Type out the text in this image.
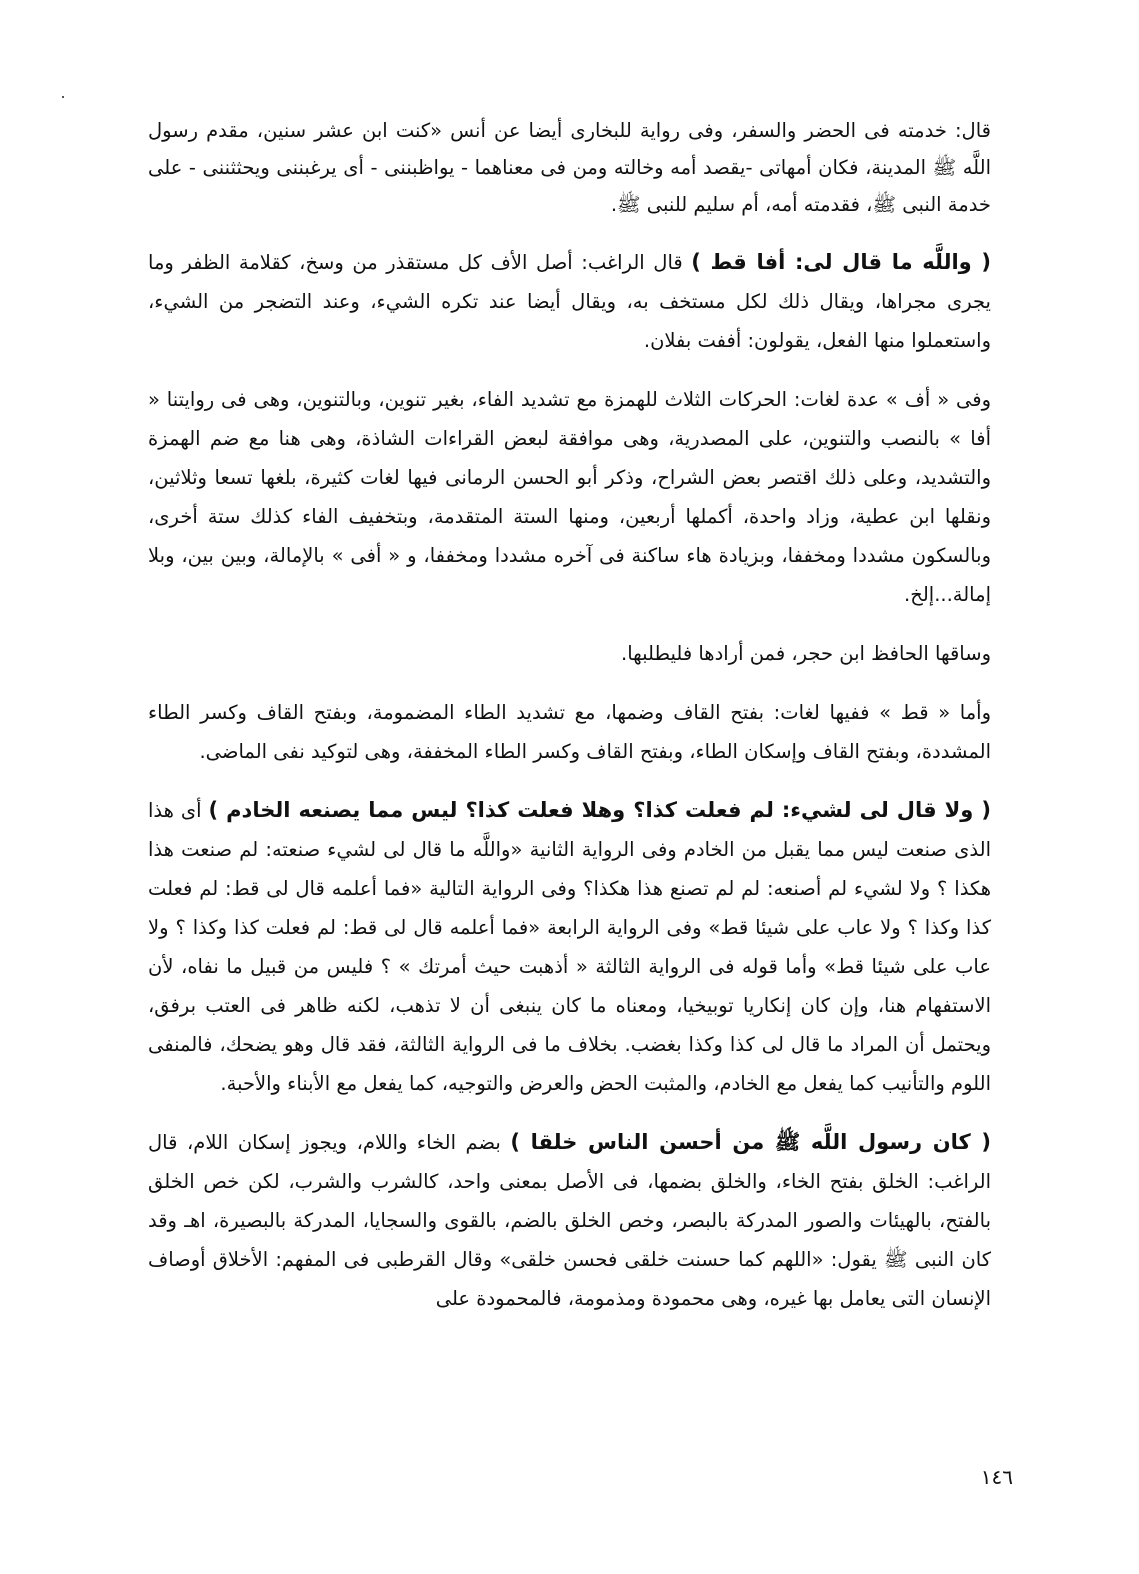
قال: خدمته فى الحضر والسفر، وفى رواية للبخارى أيضا عن أنس «كنت ابن عشر سنين، مقدم رسول اللَّه ﷺ المدينة، فكان أمهاتى -يقصد أمه وخالته ومن فى معناهما - يواظبننى - أى يرغبننى ويحثثننى - على خدمة النبى ﷺ، فقدمته أمه، أم سليم للنبى ﷺ.

( واللَّه ما قال لى: أفا قط ) قال الراغب: أصل الأف كل مستقذر من وسخ، كقلامة الظفر وما يجرى مجراها، ويقال ذلك لكل مستخف به، ويقال أيضا عند تكره الشيء، وعند التضجر من الشيء، واستعملوا منها الفعل، يقولون: أففت بفلان.

وفى « أف » عدة لغات: الحركات الثلاث للهمزة مع تشديد الفاء، بغير تنوين، وبالتنوين، وهى فى روايتنا « أفا » بالنصب والتنوين، على المصدرية، وهى موافقة لبعض القراءات الشاذة، وهى هنا مع ضم الهمزة والتشديد، وعلى ذلك اقتصر بعض الشراح، وذكر أبو الحسن الرمانى فيها لغات كثيرة، بلغها تسعا وثلاثين، ونقلها ابن عطية، وزاد واحدة، أكملها أربعين، ومنها الستة المتقدمة، وبتخفيف الفاء كذلك ستة أخرى، وبالسكون مشددا ومخففا، وبزيادة هاء ساكنة فى آخره مشددا ومخففا، و « أفى » بالإمالة، وبين بين، وبلا إمالة...إلخ.

وساقها الحافظ ابن حجر، فمن أرادها فليطلبها.

وأما « قط » ففيها لغات: بفتح القاف وضمها، مع تشديد الطاء المضمومة، وبفتح القاف وكسر الطاء المشددة، وبفتح القاف وإسكان الطاء، وبفتح القاف وكسر الطاء المخففة، وهى لتوكيد نفى الماضى.

( ولا قال لى لشيء: لم فعلت كذا؟ وهلا فعلت كذا؟ ليس مما يصنعه الخادم ) أى هذا الذى صنعت ليس مما يقبل من الخادم وفى الرواية الثانية «واللَّه ما قال لى لشيء صنعته: لم صنعت هذا هكذا ؟ ولا لشيء لم أصنعه: لم لم تصنع هذا هكذا؟ وفى الرواية التالية «فما أعلمه قال لى قط: لم فعلت كذا وكذا ؟ ولا عاب على شيئا قط» وفى الرواية الرابعة «فما أعلمه قال لى قط: لم فعلت كذا وكذا ؟ ولا عاب على شيئا قط» وأما قوله فى الرواية الثالثة « أذهبت حيث أمرتك » ؟ فليس من قبيل ما نفاه، لأن الاستفهام هنا، وإن كان إنكاريا توبيخيا، ومعناه ما كان ينبغى أن لا تذهب، لكنه ظاهر فى العتب برفق، ويحتمل أن المراد ما قال لى كذا وكذا بغضب. بخلاف ما فى الرواية الثالثة، فقد قال وهو يضحك، فالمنفى اللوم والتأنيب كما يفعل مع الخادم، والمثبت الحض والعرض والتوجيه، كما يفعل مع الأبناء والأحبة.

( كان رسول اللَّه ﷺ من أحسن الناس خلقا ) بضم الخاء واللام، ويجوز إسكان اللام، قال الراغب: الخلق بفتح الخاء، والخلق بضمها، فى الأصل بمعنى واحد، كالشرب والشرب، لكن خص الخلق بالفتح، بالهيئات والصور المدركة بالبصر، وخص الخلق بالضم، بالقوى والسجايا، المدركة بالبصيرة، اهـ وقد كان النبى ﷺ يقول: «اللهم كما حسنت خلقى فحسن خلقى» وقال القرطبى فى المفهم: الأخلاق أوصاف الإنسان التى يعامل بها غيره، وهى محمودة ومذمومة، فالمحمودة على

١٤٦
